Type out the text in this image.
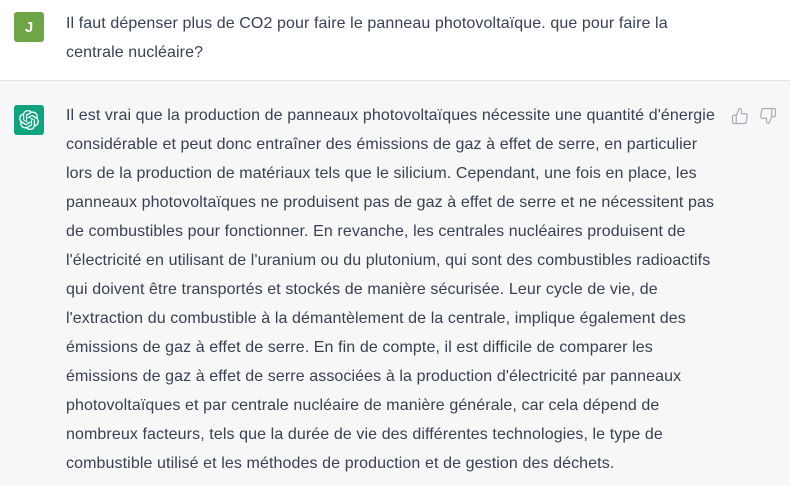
J Il faut dépenser plus de CO2 pour faire le panneau photovoltaïque. que pour faire la centrale nucléaire?
Il est vrai que la production de panneaux photovoltaïques nécessite une quantité d'énergie considérable et peut donc entraîner des émissions de gaz à effet de serre, en particulier lors de la production de matériaux tels que le silicium. Cependant, une fois en place, les panneaux photovoltaïques ne produisent pas de gaz à effet de serre et ne nécessitent pas de combustibles pour fonctionner. En revanche, les centrales nucléaires produisent de l'électricité en utilisant de l'uranium ou du plutonium, qui sont des combustibles radioactifs qui doivent être transportés et stockés de manière sécurisée. Leur cycle de vie, de l'extraction du combustible à la démantèlement de la centrale, implique également des émissions de gaz à effet de serre. En fin de compte, il est difficile de comparer les émissions de gaz à effet de serre associées à la production d'électricité par panneaux photovoltaïques et par centrale nucléaire de manière générale, car cela dépend de nombreux facteurs, tels que la durée de vie des différentes technologies, le type de combustible utilisé et les méthodes de production et de gestion des déchets.
